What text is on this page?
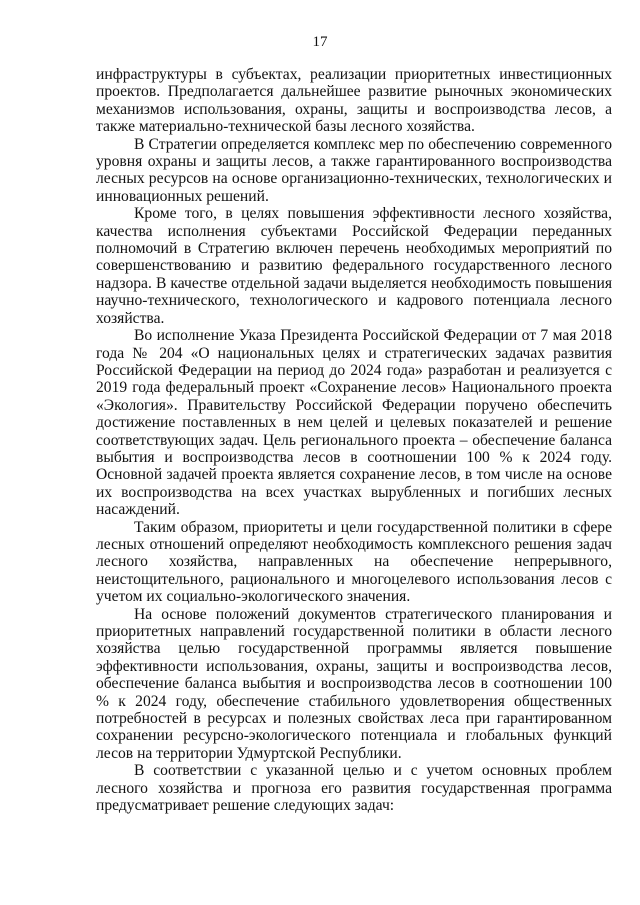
17

инфраструктуры в субъектах, реализации приоритетных инвестиционных проектов. Предполагается дальнейшее развитие рыночных экономических механизмов использования, охраны, защиты и воспроизводства лесов, а также материально-технической базы лесного хозяйства.

В Стратегии определяется комплекс мер по обеспечению современного уровня охраны и защиты лесов, а также гарантированного воспроизводства лесных ресурсов на основе организационно-технических, технологических и инновационных решений.

Кроме того, в целях повышения эффективности лесного хозяйства, качества исполнения субъектами Российской Федерации переданных полномочий в Стратегию включен перечень необходимых мероприятий по совершенствованию и развитию федерального государственного лесного надзора. В качестве отдельной задачи выделяется необходимость повышения научно-технического, технологического и кадрового потенциала лесного хозяйства.

Во исполнение Указа Президента Российской Федерации от 7 мая 2018 года № 204 «О национальных целях и стратегических задачах развития Российской Федерации на период до 2024 года» разработан и реализуется с 2019 года федеральный проект «Сохранение лесов» Национального проекта «Экология». Правительству Российской Федерации поручено обеспечить достижение поставленных в нем целей и целевых показателей и решение соответствующих задач. Цель регионального проекта – обеспечение баланса выбытия и воспроизводства лесов в соотношении 100 % к 2024 году. Основной задачей проекта является сохранение лесов, в том числе на основе их воспроизводства на всех участках вырубленных и погибших лесных насаждений.

Таким образом, приоритеты и цели государственной политики в сфере лесных отношений определяют необходимость комплексного решения задач лесного хозяйства, направленных на обеспечение непрерывного, неистощительного, рационального и многоцелевого использования лесов с учетом их социально-экологического значения.

На основе положений документов стратегического планирования и приоритетных направлений государственной политики в области лесного хозяйства целью государственной программы является повышение эффективности использования, охраны, защиты и воспроизводства лесов, обеспечение баланса выбытия и воспроизводства лесов в соотношении 100 % к 2024 году, обеспечение стабильного удовлетворения общественных потребностей в ресурсах и полезных свойствах леса при гарантированном сохранении ресурсно-экологического потенциала и глобальных функций лесов на территории Удмуртской Республики.

В соответствии с указанной целью и с учетом основных проблем лесного хозяйства и прогноза его развития государственная программа предусматривает решение следующих задач:
